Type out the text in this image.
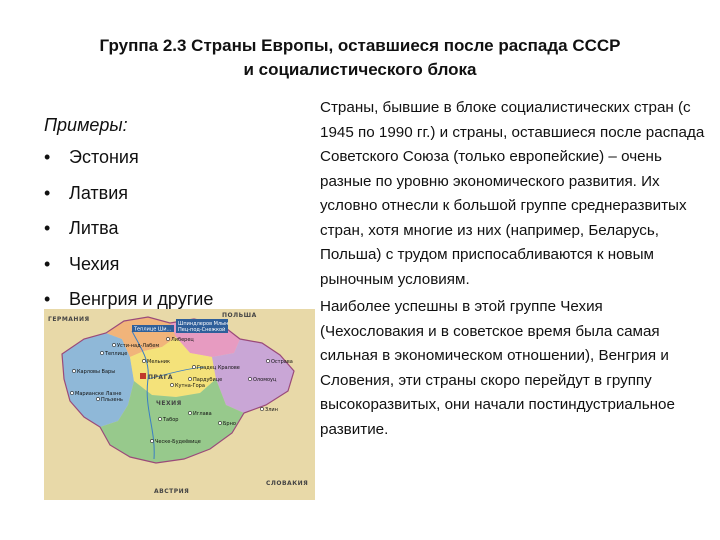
Группа 2.3 Страны Европы, оставшиеся после распада СССР
и социалистического блока
Примеры:
• Эстония
• Латвия
• Литва
• Чехия
• Венгрия и другие
ГЕРМАНИЯ
ПОЛЬША
ЧЕХИЯ
АВСТРИЯ
СЛОВАКИЯ
ПРАГА
Теплице Ши...
Шпиндлеров Млын
Пец-под-Снежкой
Усти-над-Лабем
Либерец
Теплице
Карловы Вары
Марианске Лазне
Пльзень
Градец Кралове
Пардубице	Оломоуц
Острава
Брно
Ческе-Будеёвице
Табор
Злин
Иглава
Кутна-Гора
Мельник

Страны, бывшие в блоке социалистических стран (с 1945 по 1990 гг.) и страны, оставшиеся после распада Советского Союза (только европейские) – очень разные по уровню экономического развития. Их условно отнесли к большой группе среднеразвитых стран, хотя многие из них (например, Беларусь, Польша) с трудом приспосабливаются к новым рыночным условиям.

Наиболее успешны в этой группе Чехия (Чехословакия и в советское время была самая сильная в экономическом отношении), Венгрия и Словения, эти страны скоро перейдут в группу высокоразвитых, они начали постиндустриальное развитие.
